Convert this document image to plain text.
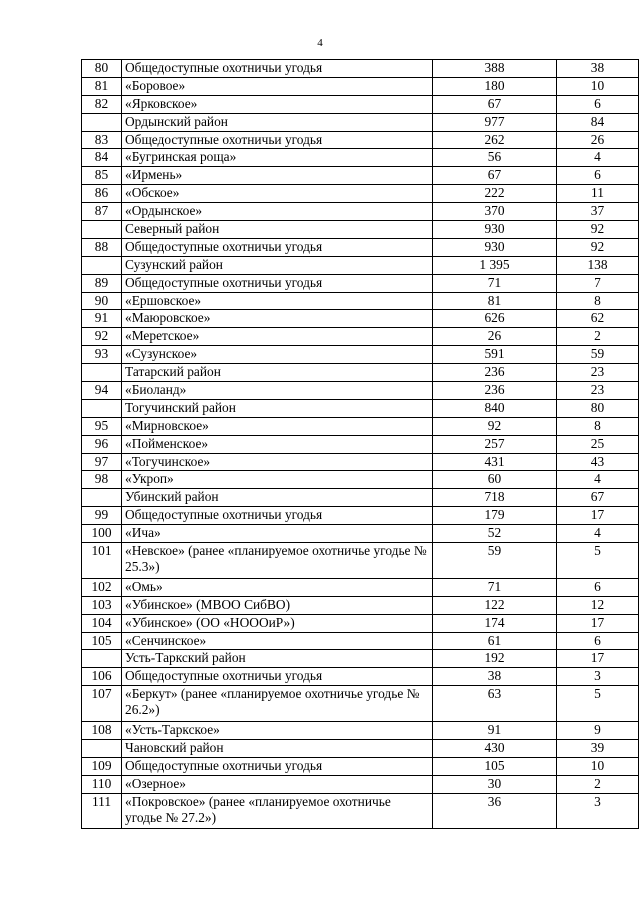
4
80	Общедоступные охотничьи угодья	388	38
81	«Боровое»	180	10
82	«Ярковское»	67	6
	Ордынский район	977	84
83	Общедоступные охотничьи угодья	262	26
84	«Бугринская роща»	56	4
85	«Ирмень»	67	6
86	«Обское»	222	11
87	«Ордынское»	370	37
	Северный район	930	92
88	Общедоступные охотничьи угодья	930	92
	Сузунский район	1 395	138
89	Общедоступные охотничьи угодья	71	7
90	«Ершовское»	81	8
91	«Маюровское»	626	62
92	«Меретское»	26	2
93	«Сузунское»	591	59
	Татарский район	236	23
94	«Биоланд»	236	23
	Тогучинский район	840	80
95	«Мирновское»	92	8
96	«Пойменское»	257	25
97	«Тогучинское»	431	43
98	«Укроп»	60	4
	Убинский район	718	67
99	Общедоступные охотничьи угодья	179	17
100	«Ича»	52	4
101	«Невское» (ранее «планируемое охотничье угодье № 25.3»)	59	5
102	«Омь»	71	6
103	«Убинское» (МВОО СибВО)	122	12
104	«Убинское» (ОО «НОООиР»)	174	17
105	«Сенчинское»	61	6
	Усть-Таркский район	192	17
106	Общедоступные охотничьи угодья	38	3
107	«Беркут» (ранее «планируемое охотничье угодье № 26.2»)	63	5
108	«Усть-Таркское»	91	9
	Чановский район	430	39
109	Общедоступные охотничьи угодья	105	10
110	«Озерное»	30	2
111	«Покровское» (ранее «планируемое охотничье угодье № 27.2»)	36	3
